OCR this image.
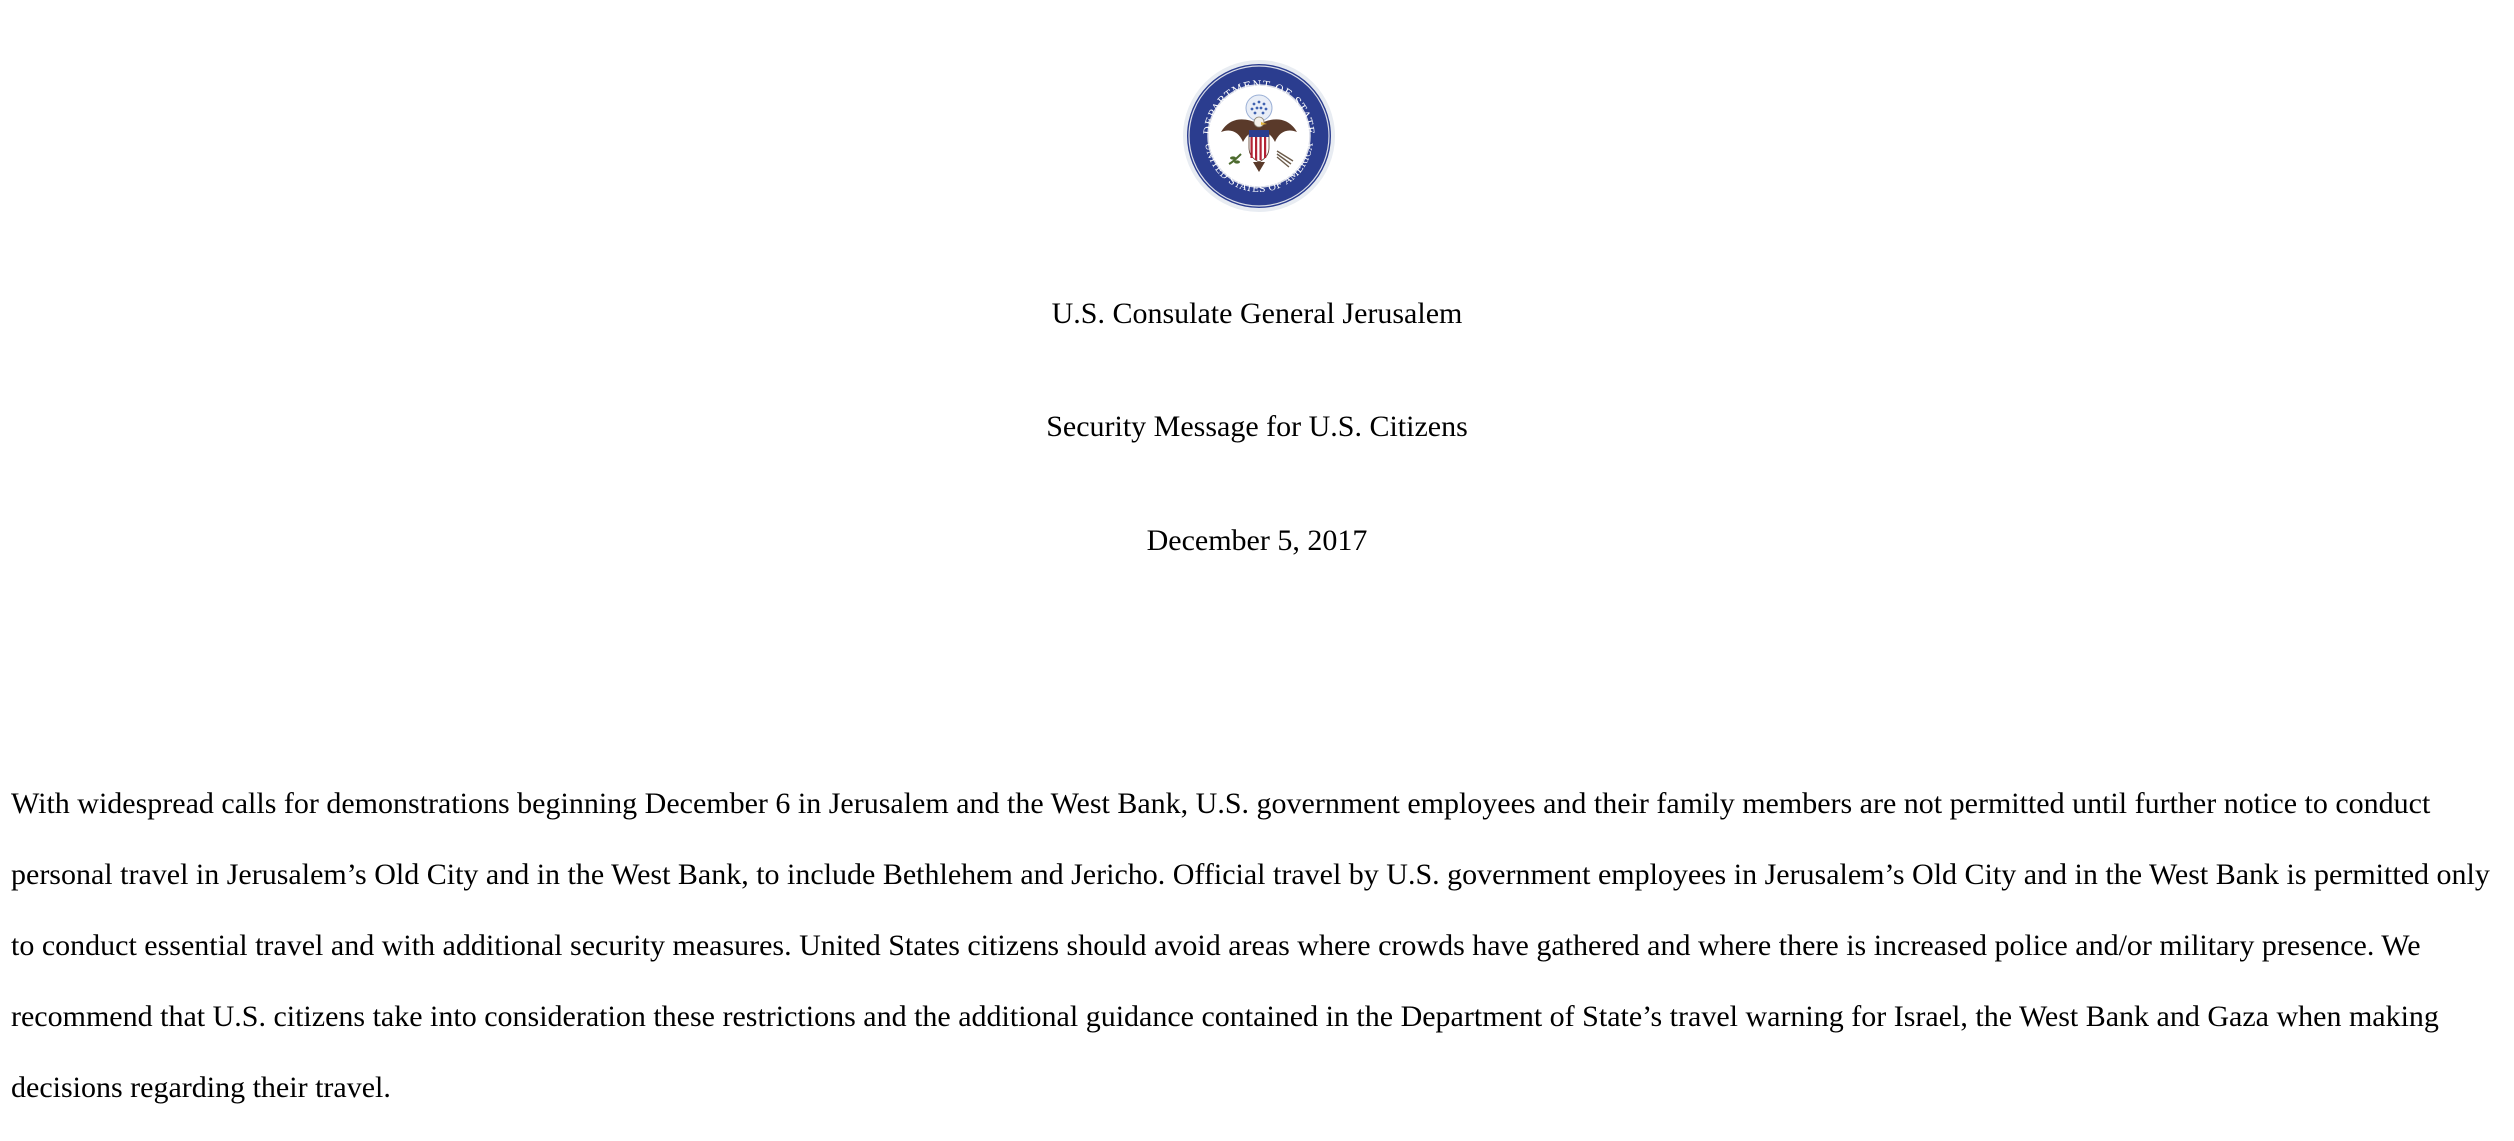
DEPARTMENT OF STATE
UNITED STATES OF AMERICA
U.S. Consulate General Jerusalem
Security Message for U.S. Citizens
December 5, 2017

With widespread calls for demonstrations beginning December 6 in Jerusalem and the West Bank, U.S. government employees and their family members are not permitted until further notice to conduct

personal travel in Jerusalem’s Old City and in the West Bank, to include Bethlehem and Jericho. Official travel by U.S. government employees in Jerusalem’s Old City and in the West Bank is permitted only

to conduct essential travel and with additional security measures. United States citizens should avoid areas where crowds have gathered and where there is increased police and/or military presence. We

recommend that U.S. citizens take into consideration these restrictions and the additional guidance contained in the Department of State’s travel warning for Israel, the West Bank and Gaza when making

decisions regarding their travel.
